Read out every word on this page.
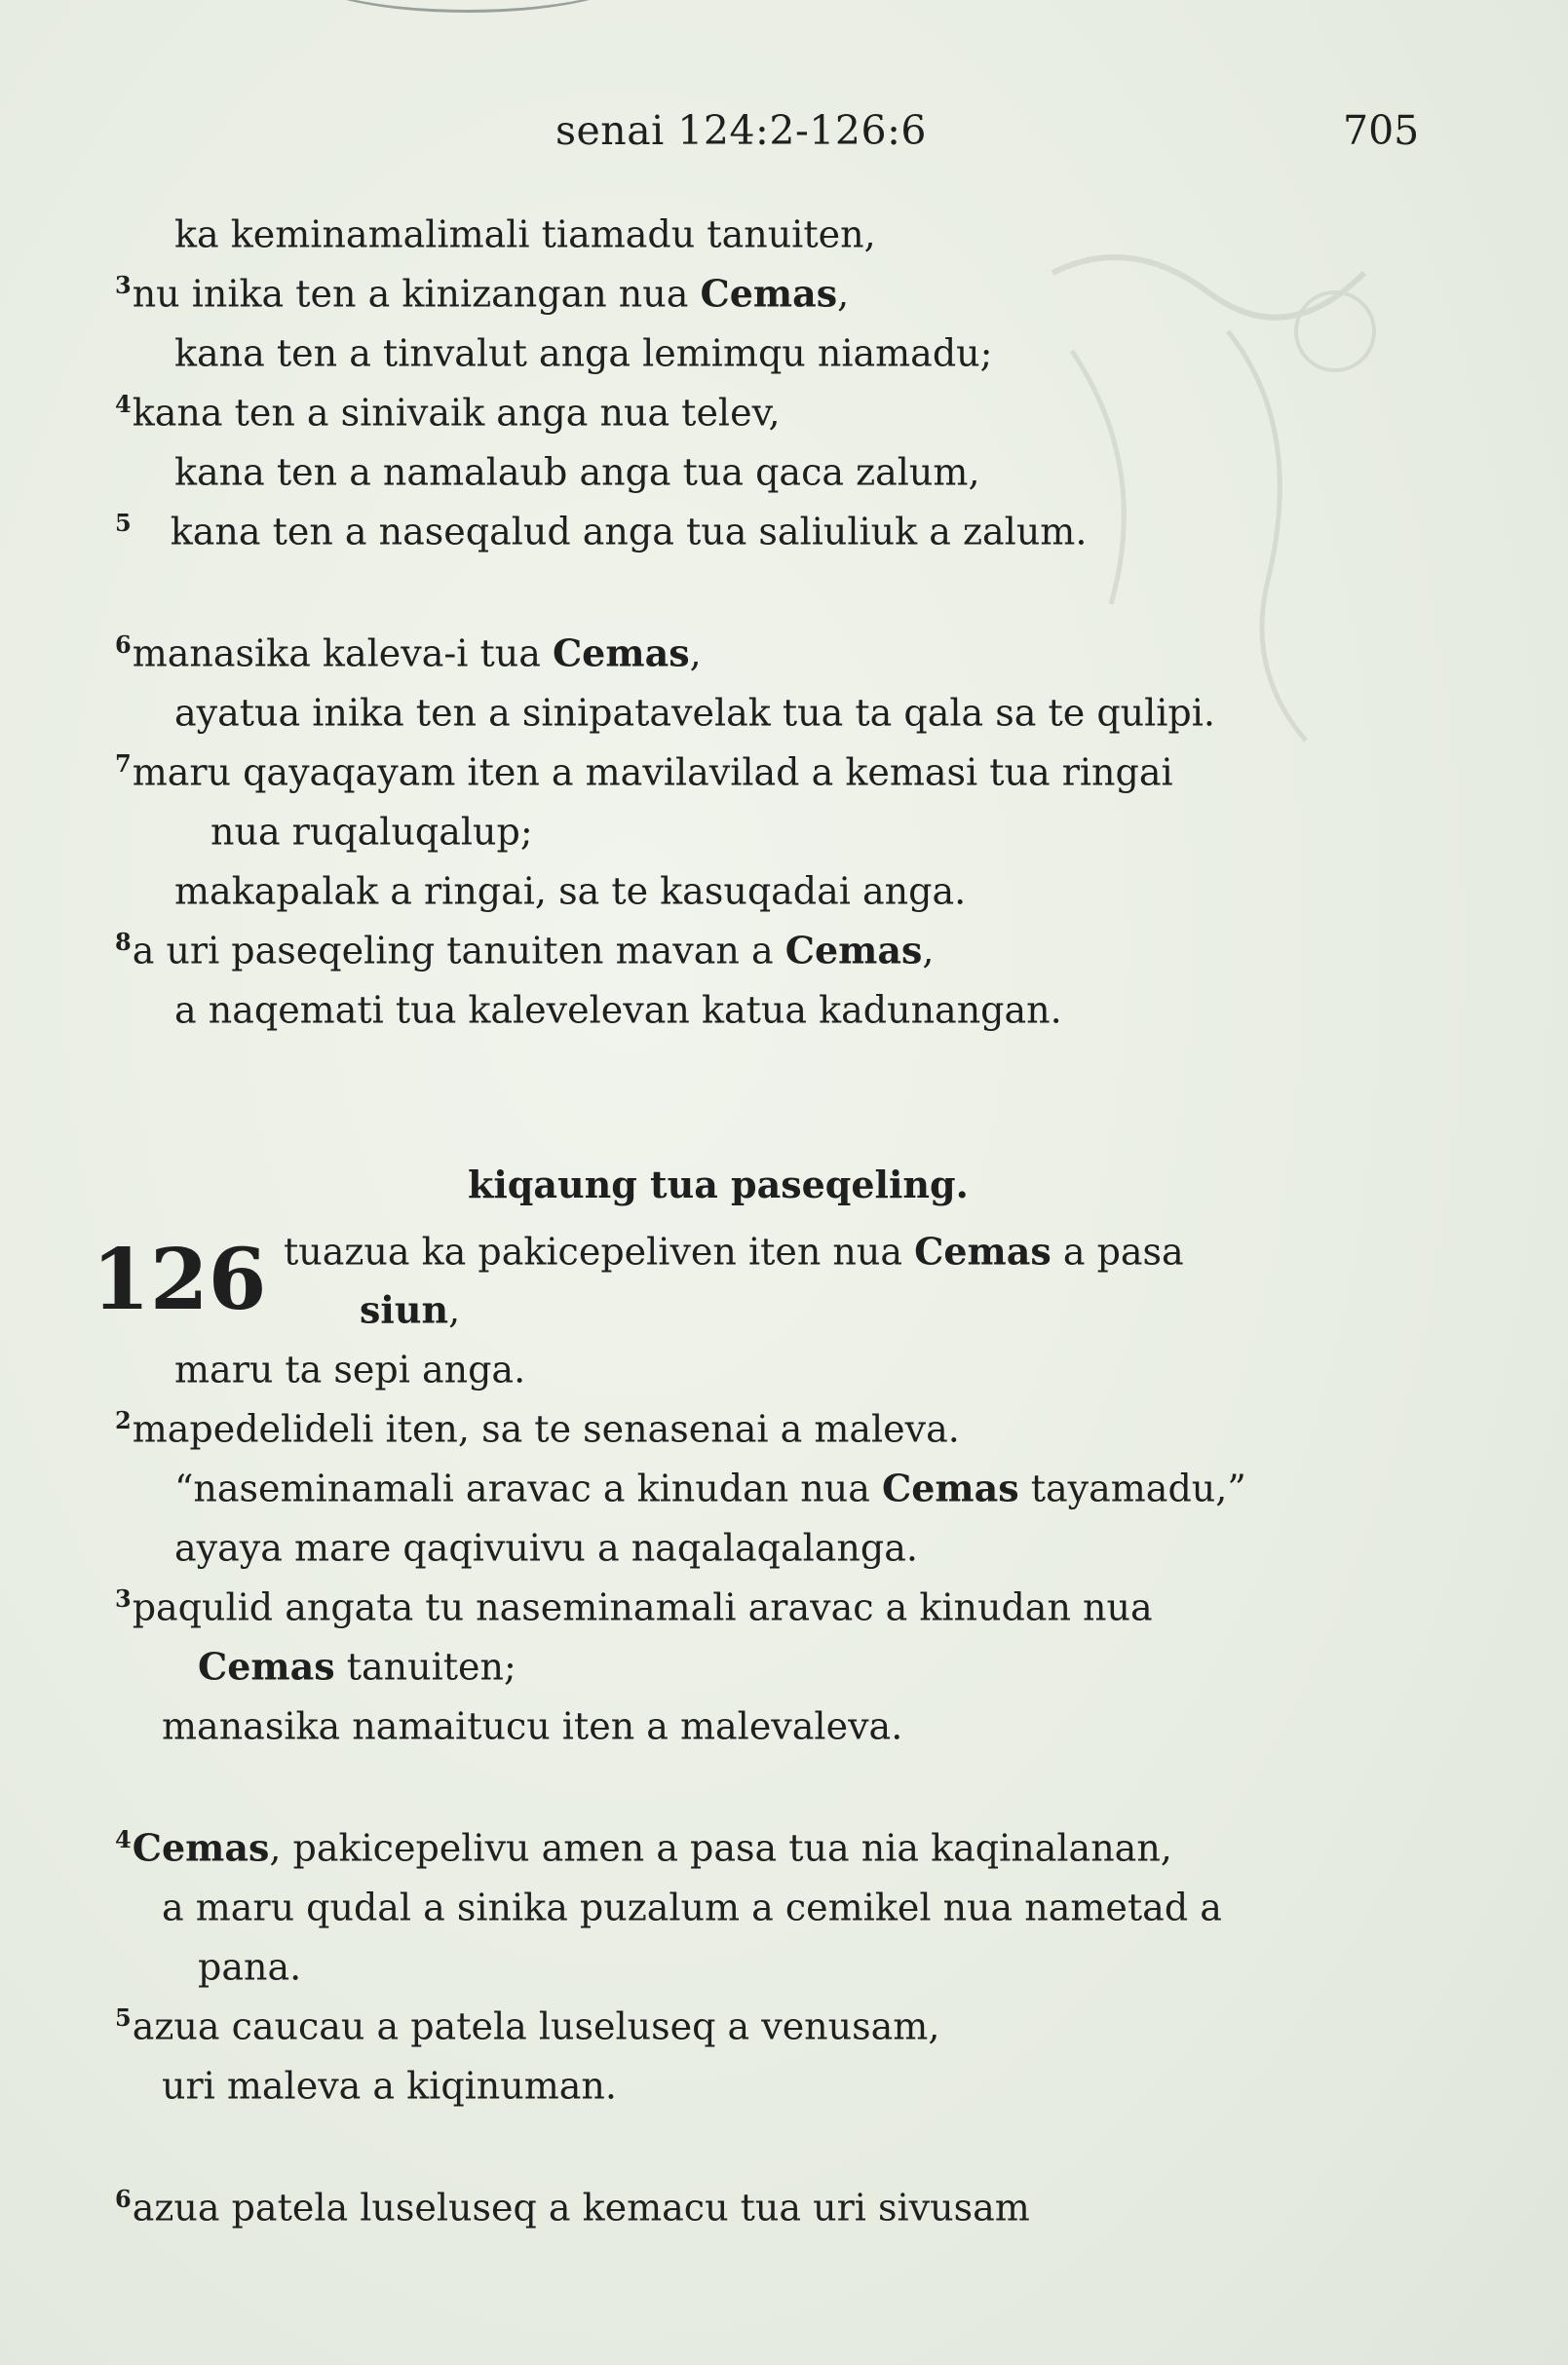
senai 124:2-126:6	705
ka keminamalimali tiamadu tanuiten,
$^3$nu inika ten a kinizangan nua Cemas,
kana ten a tinvalut anga lemimqu niamadu;
$^4$kana ten a sinivaik anga nua telev,
kana ten a namalaub anga tua qaca zalum,
$^5$ kana ten a naseqalud anga tua saliuliuk a zalum.
$^6$manasika kaleva-i tua Cemas,
ayatua inika ten a sinipatavelak tua ta qala sa te qulipi.
$^7$maru qayaqayam iten a mavilavilad a kemasi tua ringai
nua ruqaluqalup;
makapalak a ringai, sa te kasuqadai anga.
$^8$a uri paseqeling tanuiten mavan a Cemas,
a naqemati tua kalevelevan katua kadunangan.
kiqaung tua paseqeling.
126 tuazua ka pakicepeliven iten nua Cemas a pasa
siun,
maru ta sepi anga.
$^2$mapedelideli iten, sa te senasenai a maleva.
“naseminamali aravac a kinudan nua Cemas tayamadu,”
ayaya mare qaqivuivu a naqalaqalanga.
$^3$paqulid angata tu naseminamali aravac a kinudan nua
Cemas tanuiten;
manasika namaitucu iten a malevaleva.
$^4$Cemas, pakicepelivu amen a pasa tua nia kaqinalanan,
a maru qudal a sinika puzalum a cemikel nua nametad a
pana.
$^5$azua caucau a patela luseluseq a venusam,
uri maleva a kiqinuman.
$^6$azua patela luseluseq a kemacu tua uri sivusam
